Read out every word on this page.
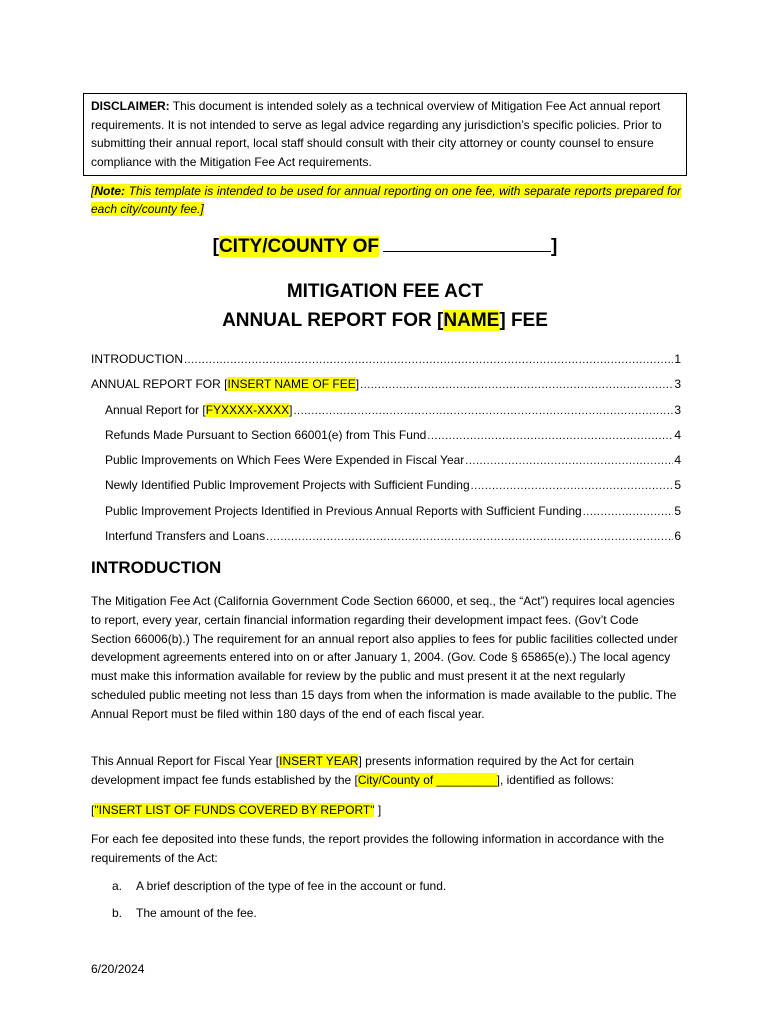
DISCLAIMER: This document is intended solely as a technical overview of Mitigation Fee Act annual report requirements. It is not intended to serve as legal advice regarding any jurisdiction’s specific policies. Prior to submitting their annual report, local staff should consult with their city attorney or county counsel to ensure compliance with the Mitigation Fee Act requirements.
[Note: This template is intended to be used for annual reporting on one fee, with separate reports prepared for each city/county fee.]
[CITY/COUNTY OF	]
MITIGATION FEE ACT
ANNUAL REPORT FOR [NAME] FEE
INTRODUCTION .....	1
ANNUAL REPORT FOR [INSERT NAME OF FEE] .....	3
Annual Report for [FYXXXX-XXXX] .....	3
Refunds Made Pursuant to Section 66001(e) from This Fund .....	4
Public Improvements on Which Fees Were Expended in Fiscal Year .....	4
Newly Identified Public Improvement Projects with Sufficient Funding .....	5
Public Improvement Projects Identified in Previous Annual Reports with Sufficient Funding .....	5
Interfund Transfers and Loans .....	6
INTRODUCTION
The Mitigation Fee Act (California Government Code Section 66000, et seq., the “Act”) requires local agencies to report, every year, certain financial information regarding their development impact fees. (Gov’t Code Section 66006(b).) The requirement for an annual report also applies to fees for public facilities collected under development agreements entered into on or after January 1, 2004. (Gov. Code § 65865(e).) The local agency must make this information available for review by the public and must present it at the next regularly scheduled public meeting not less than 15 days from when the information is made available to the public. The Annual Report must be filed within 180 days of the end of each fiscal year.
This Annual Report for Fiscal Year [INSERT YEAR] presents information required by the Act for certain development impact fee funds established by the [City/County of _________], identified as follows:
["INSERT LIST OF FUNDS COVERED BY REPORT" ]
For each fee deposited into these funds, the report provides the following information in accordance with the requirements of the Act:
a. A brief description of the type of fee in the account or fund.
b. The amount of the fee.
6/20/2024
